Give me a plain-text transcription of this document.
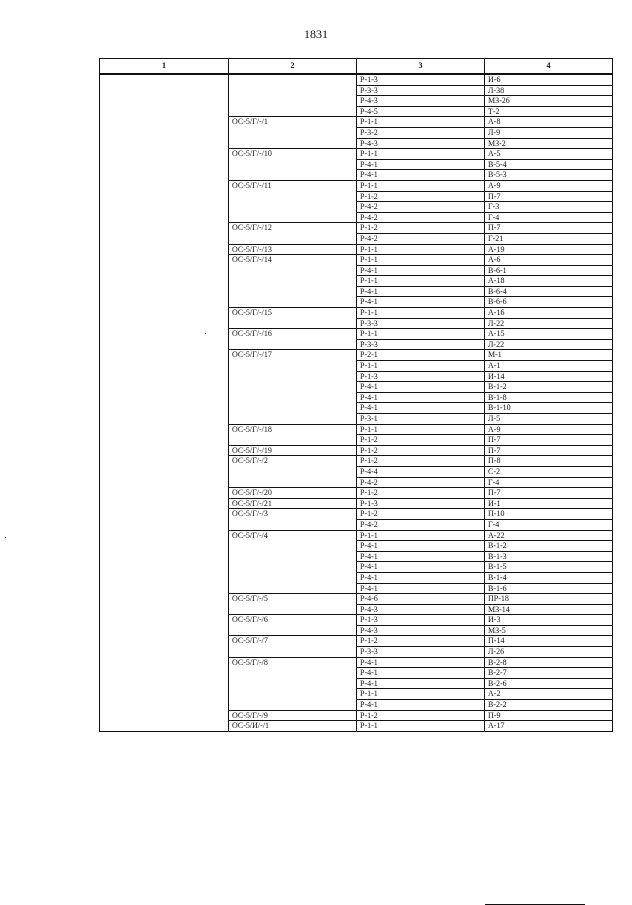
1831
1	2	3	4
		Р-1-3	И-6
		Р-3-3	Л-38
		Р-4-3	МЗ-26
		Р-4-5	Т-2
	ОС-5/Г/-/1	Р-1-1	А-8
		Р-3-2	Л-9
		Р-4-3	МЗ-2
	ОС-5/Г/-/10	Р-1-1	А-5
		Р-4-1	В-5-4
		Р-4-1	В-5-3
	ОС-5/Г/-/11	Р-1-1	А-9
		Р-1-2	П-7
		Р-4-2	Г-3
		Р-4-2	Г-4
	ОС-5/Г/-/12	Р-1-2	П-7
		Р-4-2	Г-21
	ОС-5/Г/-/13	Р-1-1	А-19
	ОС-5/Г/-/14	Р-1-1	А-6
		Р-4-1	В-6-1
		Р-1-1	А-18
		Р-4-1	В-6-4
		Р-4-1	В-6-6
	ОС-5/Г/-/15	Р-1-1	А-16
		Р-3-3	Л-22
	ОС-5/Г/-/16	Р-1-1	А-15
		Р-3-3	Л-22
	ОС-5/Г/-/17	Р-2-1	М-1
		Р-1-1	А-1
		Р-1-3	И-14
		Р-4-1	В-1-2
		Р-4-1	В-1-8
		Р-4-1	В-1-10
		Р-3-1	Л-5
	ОС-5/Г/-/18	Р-1-1	А-9
		Р-1-2	П-7
	ОС-5/Г/-/19	Р-1-2	П-7
	ОС-5/Г/-/2	Р-1-2	П-8
		Р-4-4	С-2
		Р-4-2	Г-4
	ОС-5/Г/-/20	Р-1-2	П-7
	ОС-5/Г/-/21	Р-1-3	И-1
	ОС-5/Г/-/3	Р-1-2	П-10
		Р-4-2	Г-4
	ОС-5/Г/-/4	Р-1-1	А-22
		Р-4-1	В-1-2
		Р-4-1	В-1-3
		Р-4-1	В-1-5
		Р-4-1	В-1-4
		Р-4-1	В-1-6
	ОС-5/Г/-/5	Р-4-6	ПР-18
		Р-4-3	МЗ-14
	ОС-5/Г/-/6	Р-1-3	И-3
		Р-4-3	МЗ-5
	ОС-5/Г/-/7	Р-1-2	П-14
		Р-3-3	Л-26
	ОС-5/Г/-/8	Р-4-1	В-2-8
		Р-4-1	В-2-7
		Р-4-1	В-2-6
		Р-1-1	А-2
		Р-4-1	В-2-2
	ОС-5/Г/-/9	Р-1-2	П-9
	ОС-5/И/-/1	Р-1-1	А-17
